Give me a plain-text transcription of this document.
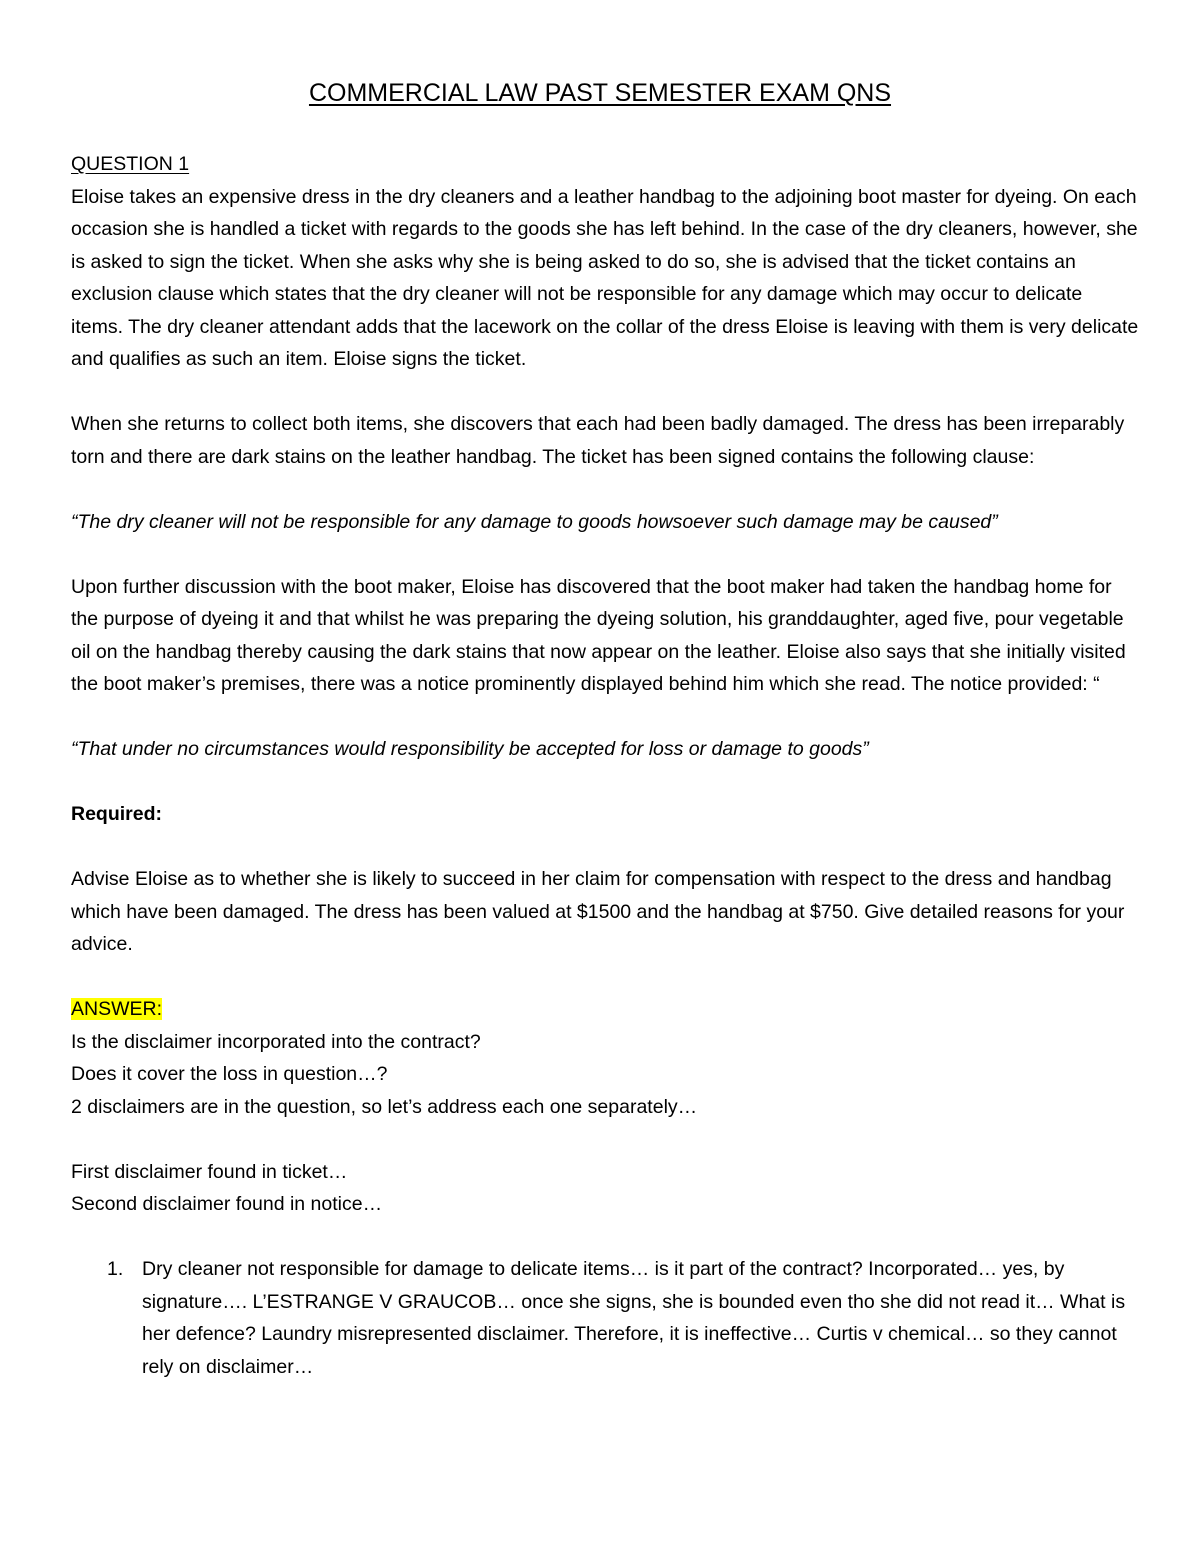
COMMERCIAL LAW PAST SEMESTER EXAM QNS

QUESTION 1

Eloise takes an expensive dress in the dry cleaners and a leather handbag to the adjoining boot master for dyeing. On each occasion she is handled a ticket with regards to the goods she has left behind. In the case of the dry cleaners, however, she is asked to sign the ticket. When she asks why she is being asked to do so, she is advised that the ticket contains an exclusion clause which states that the dry cleaner will not be responsible for any damage which may occur to delicate items. The dry cleaner attendant adds that the lacework on the collar of the dress Eloise is leaving with them is very delicate and qualifies as such an item. Eloise signs the ticket.

When she returns to collect both items, she discovers that each had been badly damaged. The dress has been irreparably torn and there are dark stains on the leather handbag. The ticket has been signed contains the following clause:

“The dry cleaner will not be responsible for any damage to goods howsoever such damage may be caused”

Upon further discussion with the boot maker, Eloise has discovered that the boot maker had taken the handbag home for the purpose of dyeing it and that whilst he was preparing the dyeing solution, his granddaughter, aged five, pour vegetable oil on the handbag thereby causing the dark stains that now appear on the leather. Eloise also says that she initially visited the boot maker’s premises, there was a notice prominently displayed behind him which she read. The notice provided: “

“That under no circumstances would responsibility be accepted for loss or damage to goods”

Required:

Advise Eloise as to whether she is likely to succeed in her claim for compensation with respect to the dress and handbag which have been damaged. The dress has been valued at $1500 and the handbag at $750. Give detailed reasons for your advice.

ANSWER:

Is the disclaimer incorporated into the contract?

Does it cover the loss in question…?

2 disclaimers are in the question, so let’s address each one separately…

First disclaimer found in ticket…

Second disclaimer found in notice…

1. Dry cleaner not responsible for damage to delicate items… is it part of the contract? Incorporated… yes, by signature…. L’ESTRANGE V GRAUCOB… once she signs, she is bounded even tho she did not read it… What is her defence? Laundry misrepresented disclaimer. Therefore, it is ineffective… Curtis v chemical… so they cannot rely on disclaimer…
